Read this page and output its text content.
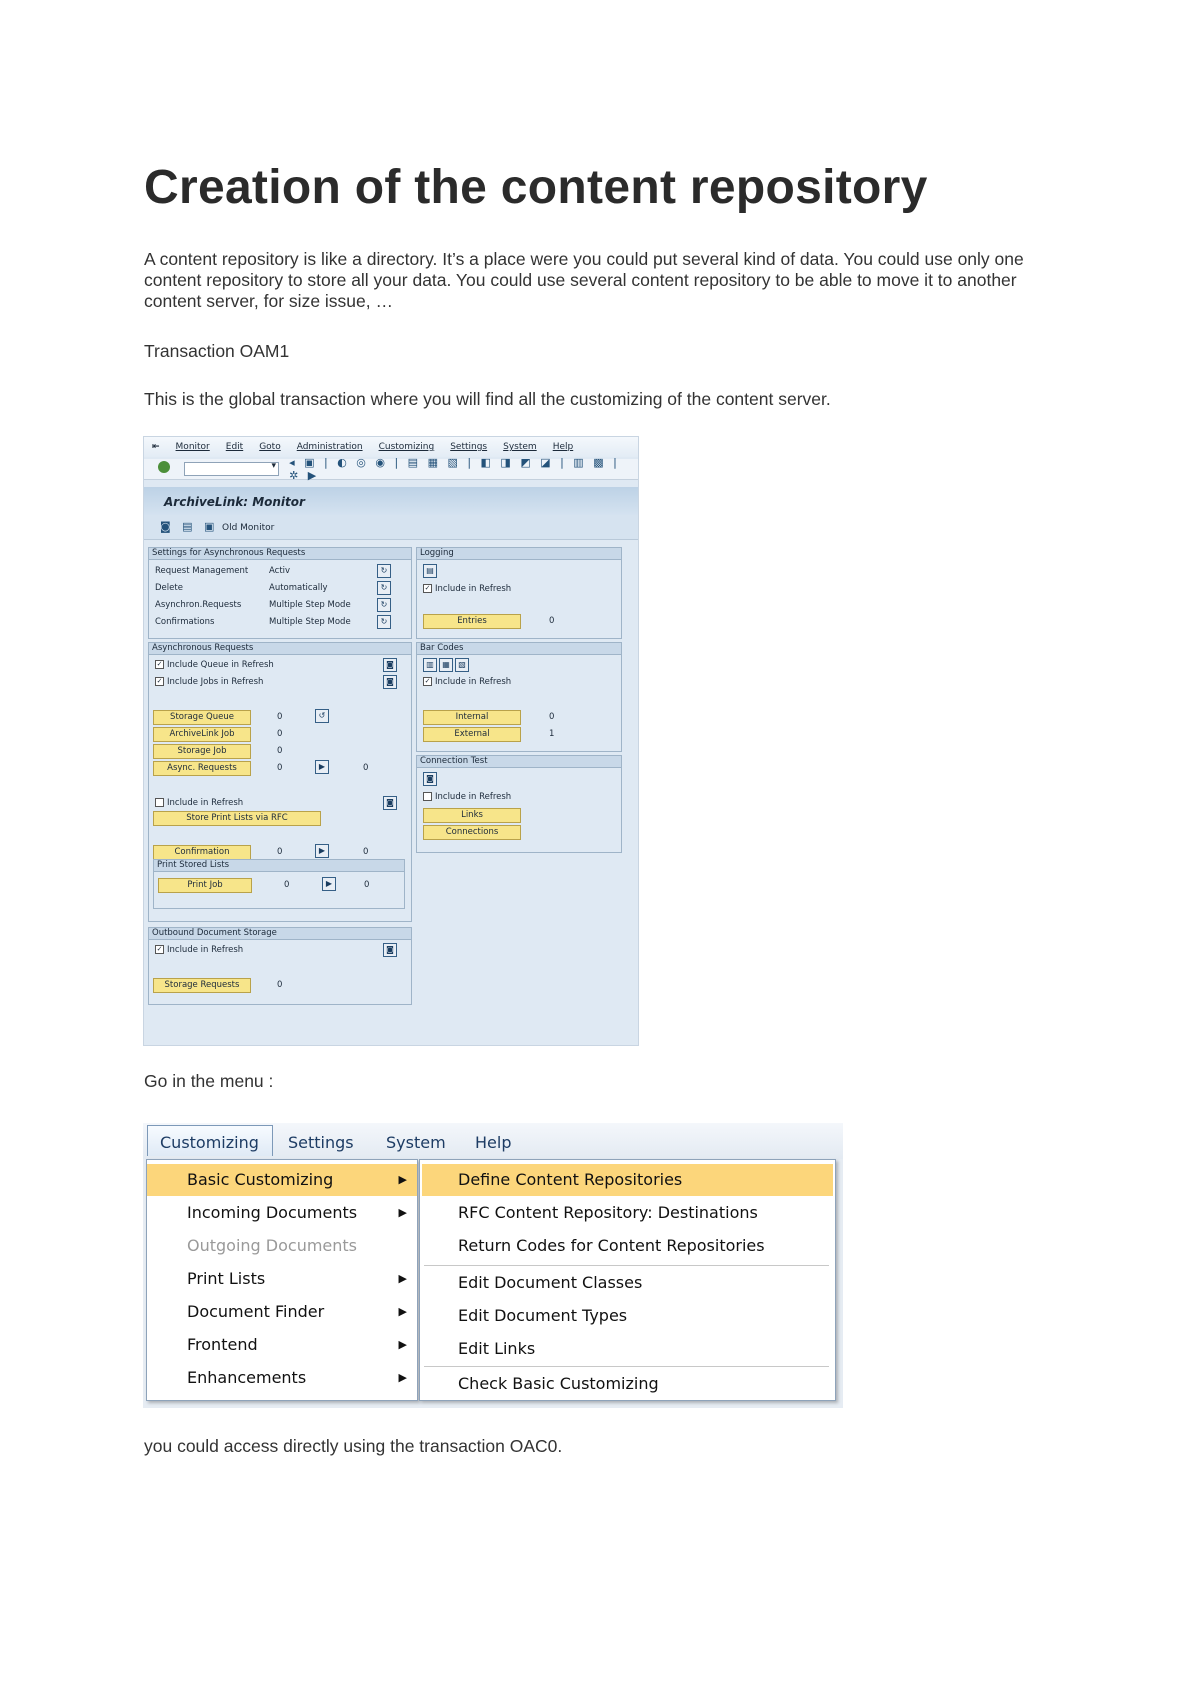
Creation of the content repository
A content repository is like a directory. It’s a place were you could put several kind of data. You could use only one
content repository to store all your data. You could use several content repository to be able to move it to another
content server, for size issue, …
Transaction OAM1
This is the global transaction where you will find all the customizing of the content server.
⇤ Monitor Edit Goto Administration Customizing Settings System Help
▾
◂ ▣ | ◐ ◎ ◉ | ▤ ▦ ▧ | ◧ ◨ ◩ ◪ | ▥ ▩ | ✲ ▶
ArchiveLink: Monitor
◙ ▤ ▣ Old Monitor
Settings for Asynchronous Requests
Request Management Activ	↻
Delete	Automatically	↻
Asynchron.Requests	Multiple Step Mode	↻
Confirmations	Multiple Step Mode	↻
Logging
▤
✓ Include in Refresh
Entries	0
Asynchronous Requests
✓ Include Queue in Refresh	◙
✓ Include Jobs in Refresh	◙
Storage Queue	0	↺
ArchiveLink Job	0
Storage Job	0
Async. Requests	0	▶	0
Include in Refresh	◙
Store Print Lists via RFC
Confirmation	0	▶	0
Print Stored Lists
Print Job	0	▶	0
Bar Codes
▥	▦	▧
✓ Include in Refresh
Internal	0
External	1
Connection Test
◙
Include in Refresh
Links
Connections
Outbound Document Storage
✓ Include in Refresh	◙
Storage Requests	0
Go in the menu :
Customizing Settings System Help
Basic Customizing	▶
Incoming Documents	▶
Outgoing Documents
Print Lists	▶
Document Finder	▶
Frontend	▶
Enhancements	▶
Define Content Repositories
RFC Content Repository: Destinations
Return Codes for Content Repositories
Edit Document Classes
Edit Document Types
Edit Links
Check Basic Customizing
you could access directly using the transaction OAC0.
